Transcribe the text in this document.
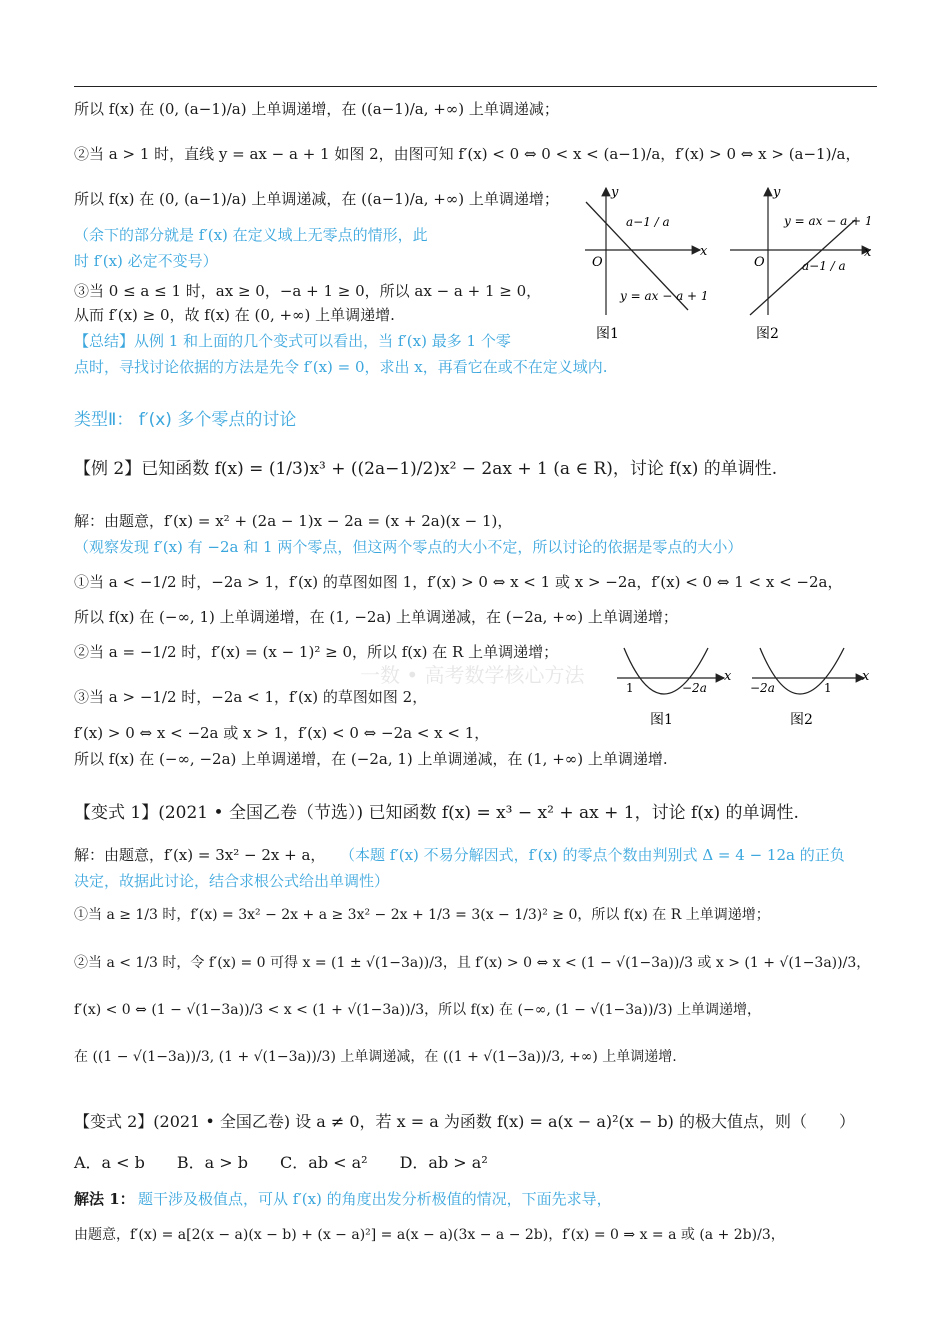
所以 f(x) 在 (0, (a−1)/a) 上单调递增，在 ((a−1)/a, +∞) 上单调递减；
②当 a > 1 时，直线 y = ax − a + 1 如图 2，由图可知 f′(x) < 0 ⇔ 0 < x < (a−1)/a，f′(x) > 0 ⇔ x > (a−1)/a，
所以 f(x) 在 (0, (a−1)/a) 上单调递减，在 ((a−1)/a, +∞) 上单调递增；
（余下的部分就是 f′(x) 在定义域上无零点的情形，此
时 f′(x) 必定不变号）
③当 0 ≤ a ≤ 1 时，ax ≥ 0，−a + 1 ≥ 0，所以 ax − a + 1 ≥ 0，
从而 f′(x) ≥ 0，故 f(x) 在 (0, +∞) 上单调递增.
【总结】从例 1 和上面的几个变式可以看出，当 f′(x) 最多 1 个零
点时，寻找讨论依据的方法是先令 f′(x) = 0，求出 x，再看它在或不在定义域内.
y
x
O
a−1 / a
y = ax − a + 1
图1
y
x
O	a−1 / a
y = ax − a + 1
图2
类型Ⅱ： f′(x) 多个零点的讨论
【例 2】已知函数 f(x) = (1/3)x³ + ((2a−1)/2)x² − 2ax + 1 (a ∈ R)，讨论 f(x) 的单调性.
解：由题意，f′(x) = x² + (2a − 1)x − 2a = (x + 2a)(x − 1)，
（观察发现 f′(x) 有 −2a 和 1 两个零点，但这两个零点的大小不定，所以讨论的依据是零点的大小）
①当 a < −1/2 时，−2a > 1，f′(x) 的草图如图 1，f′(x) > 0 ⇔ x < 1 或 x > −2a，f′(x) < 0 ⇔ 1 < x < −2a，
所以 f(x) 在 (−∞, 1) 上单调递增，在 (1, −2a) 上单调递减，在 (−2a, +∞) 上单调递增；
②当 a = −1/2 时，f′(x) = (x − 1)² ≥ 0，所以 f(x) 在 R 上单调递增；
③当 a > −1/2 时，−2a < 1，f′(x) 的草图如图 2，
f′(x) > 0 ⇔ x < −2a 或 x > 1，f′(x) < 0 ⇔ −2a < x < 1，
所以 f(x) 在 (−∞, −2a) 上单调递增，在 (−2a, 1) 上单调递减，在 (1, +∞) 上单调递增.
一数 • 高考数学核心方法	x
1	−2a
图1
x
−2a	1
图2
【变式 1】(2021 • 全国乙卷（节选）) 已知函数 f(x) = x³ − x² + ax + 1，讨论 f(x) 的单调性.
解：由题意，f′(x) = 3x² − 2x + a， （本题 f′(x) 不易分解因式，f′(x) 的零点个数由判别式 Δ = 4 − 12a 的正负
决定，故据此讨论，结合求根公式给出单调性）
①当 a ≥ 1/3 时，f′(x) = 3x² − 2x + a ≥ 3x² − 2x + 1/3 = 3(x − 1/3)² ≥ 0，所以 f(x) 在 R 上单调递增；
②当 a < 1/3 时，令 f′(x) = 0 可得 x = (1 ± √(1−3a))/3，且 f′(x) > 0 ⇔ x < (1 − √(1−3a))/3 或 x > (1 + √(1−3a))/3，
f′(x) < 0 ⇔ (1 − √(1−3a))/3 < x < (1 + √(1−3a))/3，所以 f(x) 在 (−∞, (1 − √(1−3a))/3) 上单调递增，
在 ((1 − √(1−3a))/3, (1 + √(1−3a))/3) 上单调递减，在 ((1 + √(1−3a))/3, +∞) 上单调递增.
【变式 2】(2021 • 全国乙卷) 设 a ≠ 0，若 x = a 为函数 f(x) = a(x − a)²(x − b) 的极大值点，则（　　）
A．a < b　　B．a > b　　C．ab < a²　　D．ab > a²
解法 1： 题干涉及极值点，可从 f′(x) 的角度出发分析极值的情况，下面先求导，
由题意，f′(x) = a[2(x − a)(x − b) + (x − a)²] = a(x − a)(3x − a − 2b)，f′(x) = 0 ⇒ x = a 或 (a + 2b)/3，
